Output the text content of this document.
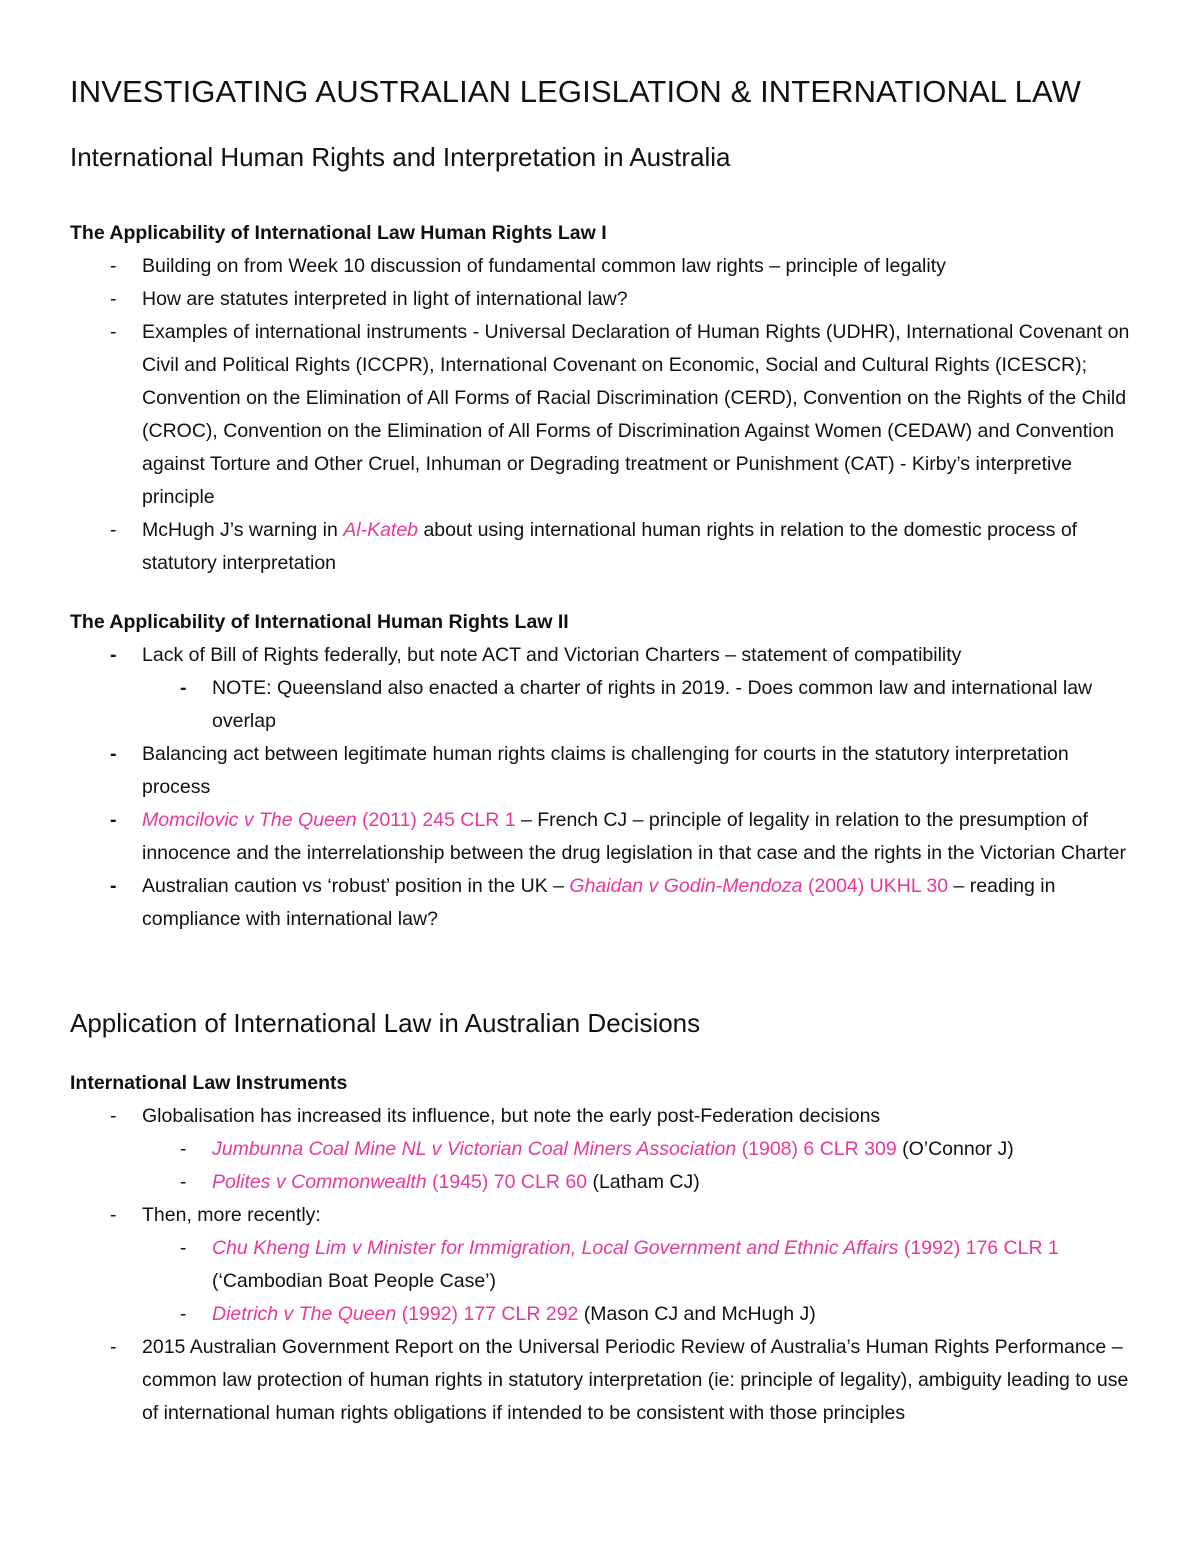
INVESTIGATING AUSTRALIAN LEGISLATION & INTERNATIONAL LAW
International Human Rights and Interpretation in Australia

The Applicability of International Law Human Rights Law I

- Building on from Week 10 discussion of fundamental common law rights – principle of legality
- How are statutes interpreted in light of international law?
- Examples of international instruments - Universal Declaration of Human Rights (UDHR), International Covenant on Civil and Political Rights (ICCPR), International Covenant on Economic, Social and Cultural Rights (ICESCR); Convention on the Elimination of All Forms of Racial Discrimination (CERD), Convention on the Rights of the Child (CROC), Convention on the Elimination of All Forms of Discrimination Against Women (CEDAW) and Convention against Torture and Other Cruel, Inhuman or Degrading treatment or Punishment (CAT) - Kirby’s interpretive principle
- McHugh J’s warning in Al-Kateb about using international human rights in relation to the domestic process of statutory interpretation

The Applicability of International Human Rights Law II

- Lack of Bill of Rights federally, but note ACT and Victorian Charters – statement of compatibility
- NOTE: Queensland also enacted a charter of rights in 2019. - Does common law and international law overlap
- Balancing act between legitimate human rights claims is challenging for courts in the statutory interpretation process
- Momcilovic v The Queen (2011) 245 CLR 1 – French CJ – principle of legality in relation to the presumption of innocence and the interrelationship between the drug legislation in that case and the rights in the Victorian Charter
- Australian caution vs ‘robust’ position in the UK – Ghaidan v Godin-Mendoza (2004) UKHL 30 – reading in compliance with international law?
Application of International Law in Australian Decisions

International Law Instruments

- Globalisation has increased its influence, but note the early post-Federation decisions
- Jumbunna Coal Mine NL v Victorian Coal Miners Association (1908) 6 CLR 309 (O’Connor J)
- Polites v Commonwealth (1945) 70 CLR 60 (Latham CJ)
- Then, more recently:
- Chu Kheng Lim v Minister for Immigration, Local Government and Ethnic Affairs (1992) 176 CLR 1 (‘Cambodian Boat People Case’)
- Dietrich v The Queen (1992) 177 CLR 292 (Mason CJ and McHugh J)
- 2015 Australian Government Report on the Universal Periodic Review of Australia’s Human Rights Performance – common law protection of human rights in statutory interpretation (ie: principle of legality), ambiguity leading to use of international human rights obligations if intended to be consistent with those principles
